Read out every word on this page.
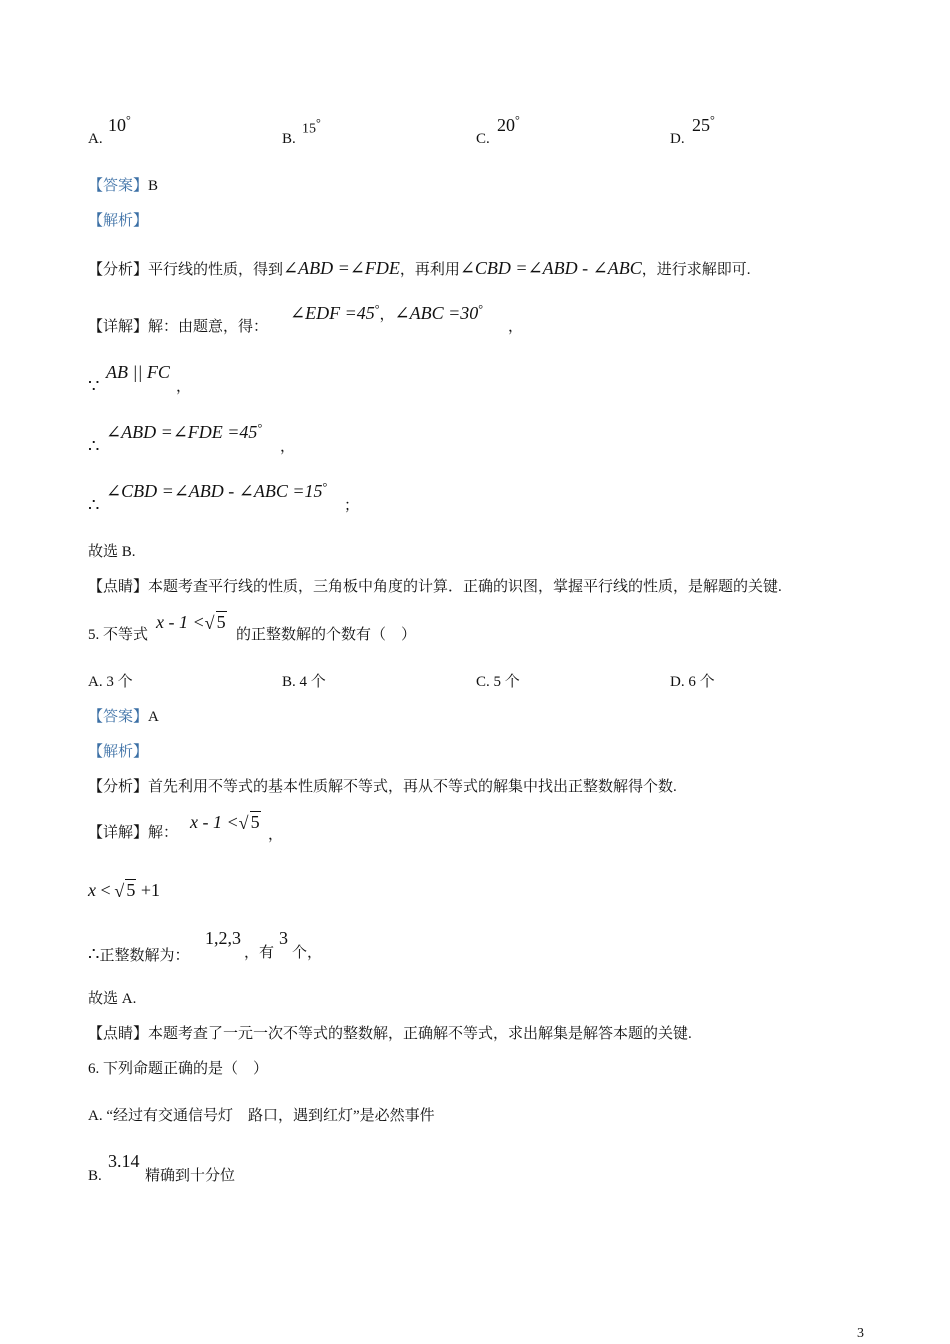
A.
10°
B.
15°
C.
20°
D.
25°
【答案】B
【解析】
【分析】平行线的性质，得到∠ABD =∠FDE，再利用∠CBD =∠ABD - ∠ABC，进行求解即可.
【详解】解：由题意，得：
∠EDF =45°，∠ABC =30°
，
∵
AB || FC
，
∴
∠ABD =∠FDE =45°
，
∴
∠CBD =∠ABD - ∠ABC =15°
；
故选 B.
【点睛】本题考查平行线的性质，三角板中角度的计算．正确的识图，掌握平行线的性质，是解题的关键.
5. 不等式
x - 1 < √ 5
的正整数解的个数有（　）
A. 3 个	B. 4 个	C. 5 个	D. 6 个
【答案】A
【解析】
【分析】首先利用不等式的基本性质解不等式，再从不等式的解集中找出正整数解得个数.
【详解】解：
x - 1 < √ 5
，
x < √ 5 +1
∴正整数解为：
1,2,3
，有
3
个，
故选 A.
【点睛】本题考查了一元一次不等式的整数解，正确解不等式，求出解集是解答本题的关键.
6. 下列命题正确的是（　）
A. “经过有交通信号灯　路口，遇到红灯”是必然事件
B.
3.14
精确到十分位
3
